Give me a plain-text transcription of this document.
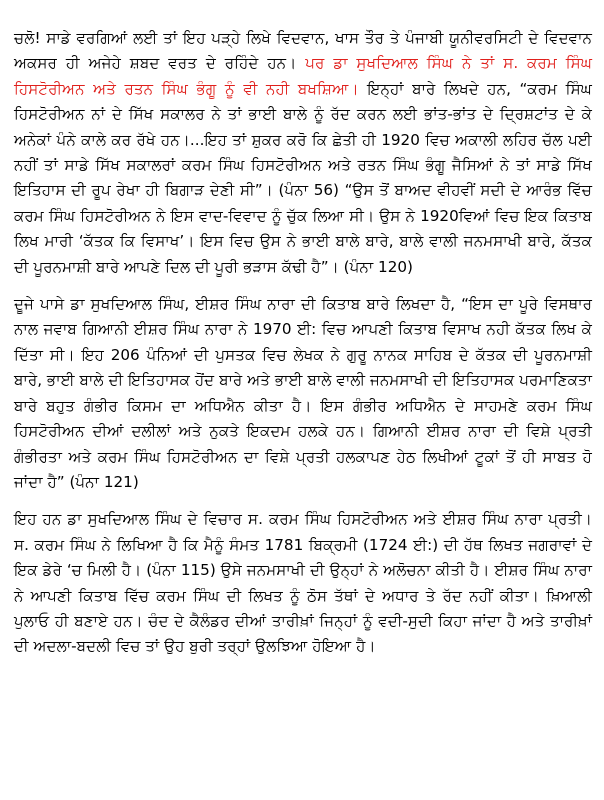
ਚਲੋ! ਸਾਡੇ ਵਰਗਿਆਂ ਲਈ ਤਾਂ ਇਹ ਪੜ੍ਹੇ ਲਿਖੇ ਵਿਦਵਾਨ, ਖਾਸ ਤੌਰ ਤੇ ਪੰਜਾਬੀ ਯੂਨੀਵਰਸਿਟੀ ਦੇ ਵਿਦਵਾਨ ਅਕਸਰ ਹੀ ਅਜੇਹੇ ਸ਼ਬਦ ਵਰਤ ਦੇ ਰਹਿੰਦੇ ਹਨ। ਪਰ ਡਾ ਸੁਖਦਿਆਲ ਸਿੰਘ ਨੇ ਤਾਂ ਸ. ਕਰਮ ਸਿੰਘ ਹਿਸਟੋਰੀਅਨ ਅਤੇ ਰਤਨ ਸਿੰਘ ਭੰਗੂ ਨੂੰ ਵੀ ਨਹੀ ਬਖਸ਼ਿਆ। ਇਨ੍ਹਾਂ ਬਾਰੇ ਲਿਖਦੇ ਹਨ, “ਕਰਮ ਸਿੰਘ ਹਿਸਟੋਰੀਅਨ ਨਾਂ ਦੇ ਸਿੱਖ ਸਕਾਲਰ ਨੇ ਤਾਂ ਭਾਈ ਬਾਲੇ ਨੂੰ ਰੱਦ ਕਰਨ ਲਈ ਭਾਂਤ-ਭਾਂਤ ਦੇ ਦ੍ਰਿਸ਼ਟਾਂਤ ਦੇ ਕੇ ਅਨੇਕਾਂ ਪੰਨੇ ਕਾਲੇ ਕਰ ਰੱਖੇ ਹਨ।...ਇਹ ਤਾਂ ਸ਼ੁਕਰ ਕਰੋ ਕਿ ਛੇਤੀ ਹੀ 1920 ਵਿਚ ਅਕਾਲੀ ਲਹਿਰ ਚੱਲ ਪਈ ਨਹੀਂ ਤਾਂ ਸਾਡੇ ਸਿੱਖ ਸਕਾਲਰਾਂ ਕਰਮ ਸਿੰਘ ਹਿਸਟੋਰੀਅਨ ਅਤੇ ਰਤਨ ਸਿੰਘ ਭੰਗੂ ਜੈਸਿਆਂ ਨੇ ਤਾਂ ਸਾਡੇ ਸਿੱਖ ਇਤਿਹਾਸ ਦੀ ਰੂਪ ਰੇਖਾ ਹੀ ਬਿਗਾੜ ਦੇਣੀ ਸੀ”। (ਪੰਨਾ 56) “ਉਸ ਤੋਂ ਬਾਅਦ ਵੀਹਵੀਂ ਸਦੀ ਦੇ ਆਰੰਭ ਵਿੱਚ ਕਰਮ ਸਿੰਘ ਹਿਸਟੋਰੀਅਨ ਨੇ ਇਸ ਵਾਦ-ਵਿਵਾਦ ਨੂੰ ਚੁੱਕ ਲਿਆ ਸੀ। ਉਸ ਨੇ 1920ਵਿਆਂ ਵਿਚ ਇਕ ਕਿਤਾਬ ਲਿਖ ਮਾਰੀ ‘ਕੱਤਕ ਕਿ ਵਿਸਾਖ’। ਇਸ ਵਿਚ ਉਸ ਨੇ ਭਾਈ ਬਾਲੇ ਬਾਰੇ, ਬਾਲੇ ਵਾਲੀ ਜਨਮਸਾਖੀ ਬਾਰੇ, ਕੱਤਕ ਦੀ ਪੂਰਨਮਾਸ਼ੀ ਬਾਰੇ ਆਪਣੇ ਦਿਲ ਦੀ ਪੂਰੀ ਭੜਾਸ ਕੱਢੀ ਹੈ”। (ਪੰਨਾ 120)

ਦੂਜੇ ਪਾਸੇ ਡਾ ਸੁਖਦਿਆਲ ਸਿੰਘ, ਈਸ਼ਰ ਸਿੰਘ ਨਾਰਾ ਦੀ ਕਿਤਾਬ ਬਾਰੇ ਲਿਖਦਾ ਹੈ, “ਇਸ ਦਾ ਪੂਰੇ ਵਿਸਥਾਰ ਨਾਲ ਜਵਾਬ ਗਿਆਨੀ ਈਸ਼ਰ ਸਿੰਘ ਨਾਰਾ ਨੇ 1970 ਈ: ਵਿਚ ਆਪਣੀ ਕਿਤਾਬ ਵਿਸਾਖ ਨਹੀ ਕੱਤਕ ਲਿਖ ਕੇ ਦਿੱਤਾ ਸੀ। ਇਹ 206 ਪੰਨਿਆਂ ਦੀ ਪੁਸਤਕ ਵਿਚ ਲੇਖਕ ਨੇ ਗੁਰੂ ਨਾਨਕ ਸਾਹਿਬ ਦੇ ਕੱਤਕ ਦੀ ਪੂਰਨਮਾਸ਼ੀ ਬਾਰੇ, ਭਾਈ ਬਾਲੇ ਦੀ ਇਤਿਹਾਸਕ ਹੋਂਦ ਬਾਰੇ ਅਤੇ ਭਾਈ ਬਾਲੇ ਵਾਲੀ ਜਨਮਸਾਖੀ ਦੀ ਇਤਿਹਾਸਕ ਪਰਮਾਣਿਕਤਾ ਬਾਰੇ ਬਹੁਤ ਗੰਭੀਰ ਕਿਸਮ ਦਾ ਅਧਿਐਨ ਕੀਤਾ ਹੈ। ਇਸ ਗੰਭੀਰ ਅਧਿਐਨ ਦੇ ਸਾਹਮਣੇ ਕਰਮ ਸਿੰਘ ਹਿਸਟੋਰੀਅਨ ਦੀਆਂ ਦਲੀਲਾਂ ਅਤੇ ਨੁਕਤੇ ਇਕਦਮ ਹਲਕੇ ਹਨ। ਗਿਆਨੀ ਈਸ਼ਰ ਨਾਰਾ ਦੀ ਵਿਸ਼ੇ ਪ੍ਰਤੀ ਗੰਭੀਰਤਾ ਅਤੇ ਕਰਮ ਸਿੰਘ ਹਿਸਟੋਰੀਅਨ ਦਾ ਵਿਸ਼ੇ ਪ੍ਰਤੀ ਹਲਕਾਪਣ ਹੇਠ ਲਿਖੀਆਂ ਟੂਕਾਂ ਤੋਂ ਹੀ ਸਾਬਤ ਹੋ ਜਾਂਦਾ ਹੈ” (ਪੰਨਾ 121)

ਇਹ ਹਨ ਡਾ ਸੁਖਦਿਆਲ ਸਿੰਘ ਦੇ ਵਿਚਾਰ ਸ. ਕਰਮ ਸਿੰਘ ਹਿਸਟੋਰੀਅਨ ਅਤੇ ਈਸ਼ਰ ਸਿੰਘ ਨਾਰਾ ਪ੍ਰਤੀ। ਸ. ਕਰਮ ਸਿੰਘ ਨੇ ਲਿਖਿਆ ਹੈ ਕਿ ਮੈਨੂੰ ਸੰਮਤ 1781 ਬਿਕ੍ਰਮੀ (1724 ਈ:) ਦੀ ਹੱਥ ਲਿਖਤ ਜਗਰਾਵਾਂ ਦੇ ਇਕ ਡੇਰੇ ‘ਚ ਮਿਲੀ ਹੈ। (ਪੰਨਾ 115) ਉਸੇ ਜਨਮਸਾਖੀ ਦੀ ਉਨ੍ਹਾਂ ਨੇ ਅਲੋਚਨਾ ਕੀਤੀ ਹੈ। ਈਸ਼ਰ ਸਿੰਘ ਨਾਰਾ ਨੇ ਆਪਣੀ ਕਿਤਾਬ ਵਿੱਚ ਕਰਮ ਸਿੰਘ ਦੀ ਲਿਖਤ ਨੂੰ ਠੋਸ ਤੱਥਾਂ ਦੇ ਅਧਾਰ ਤੇ ਰੱਦ ਨਹੀਂ ਕੀਤਾ। ਖ਼ਿਆਲੀ ਪੁਲਾਓ ਹੀ ਬਣਾਏ ਹਨ। ਚੰਦ ਦੇ ਕੈਲੰਡਰ ਦੀਆਂ ਤਾਰੀਖ਼ਾਂ ਜਿਨ੍ਹਾਂ ਨੂੰ ਵਦੀ-ਸੁਦੀ ਕਿਹਾ ਜਾਂਦਾ ਹੈ ਅਤੇ ਤਾਰੀਖ਼ਾਂ ਦੀ ਅਦਲਾ-ਬਦਲੀ ਵਿਚ ਤਾਂ ਉਹ ਬੁਰੀ ਤਰ੍ਹਾਂ ਉਲਝਿਆ ਹੋਇਆ ਹੈ।
